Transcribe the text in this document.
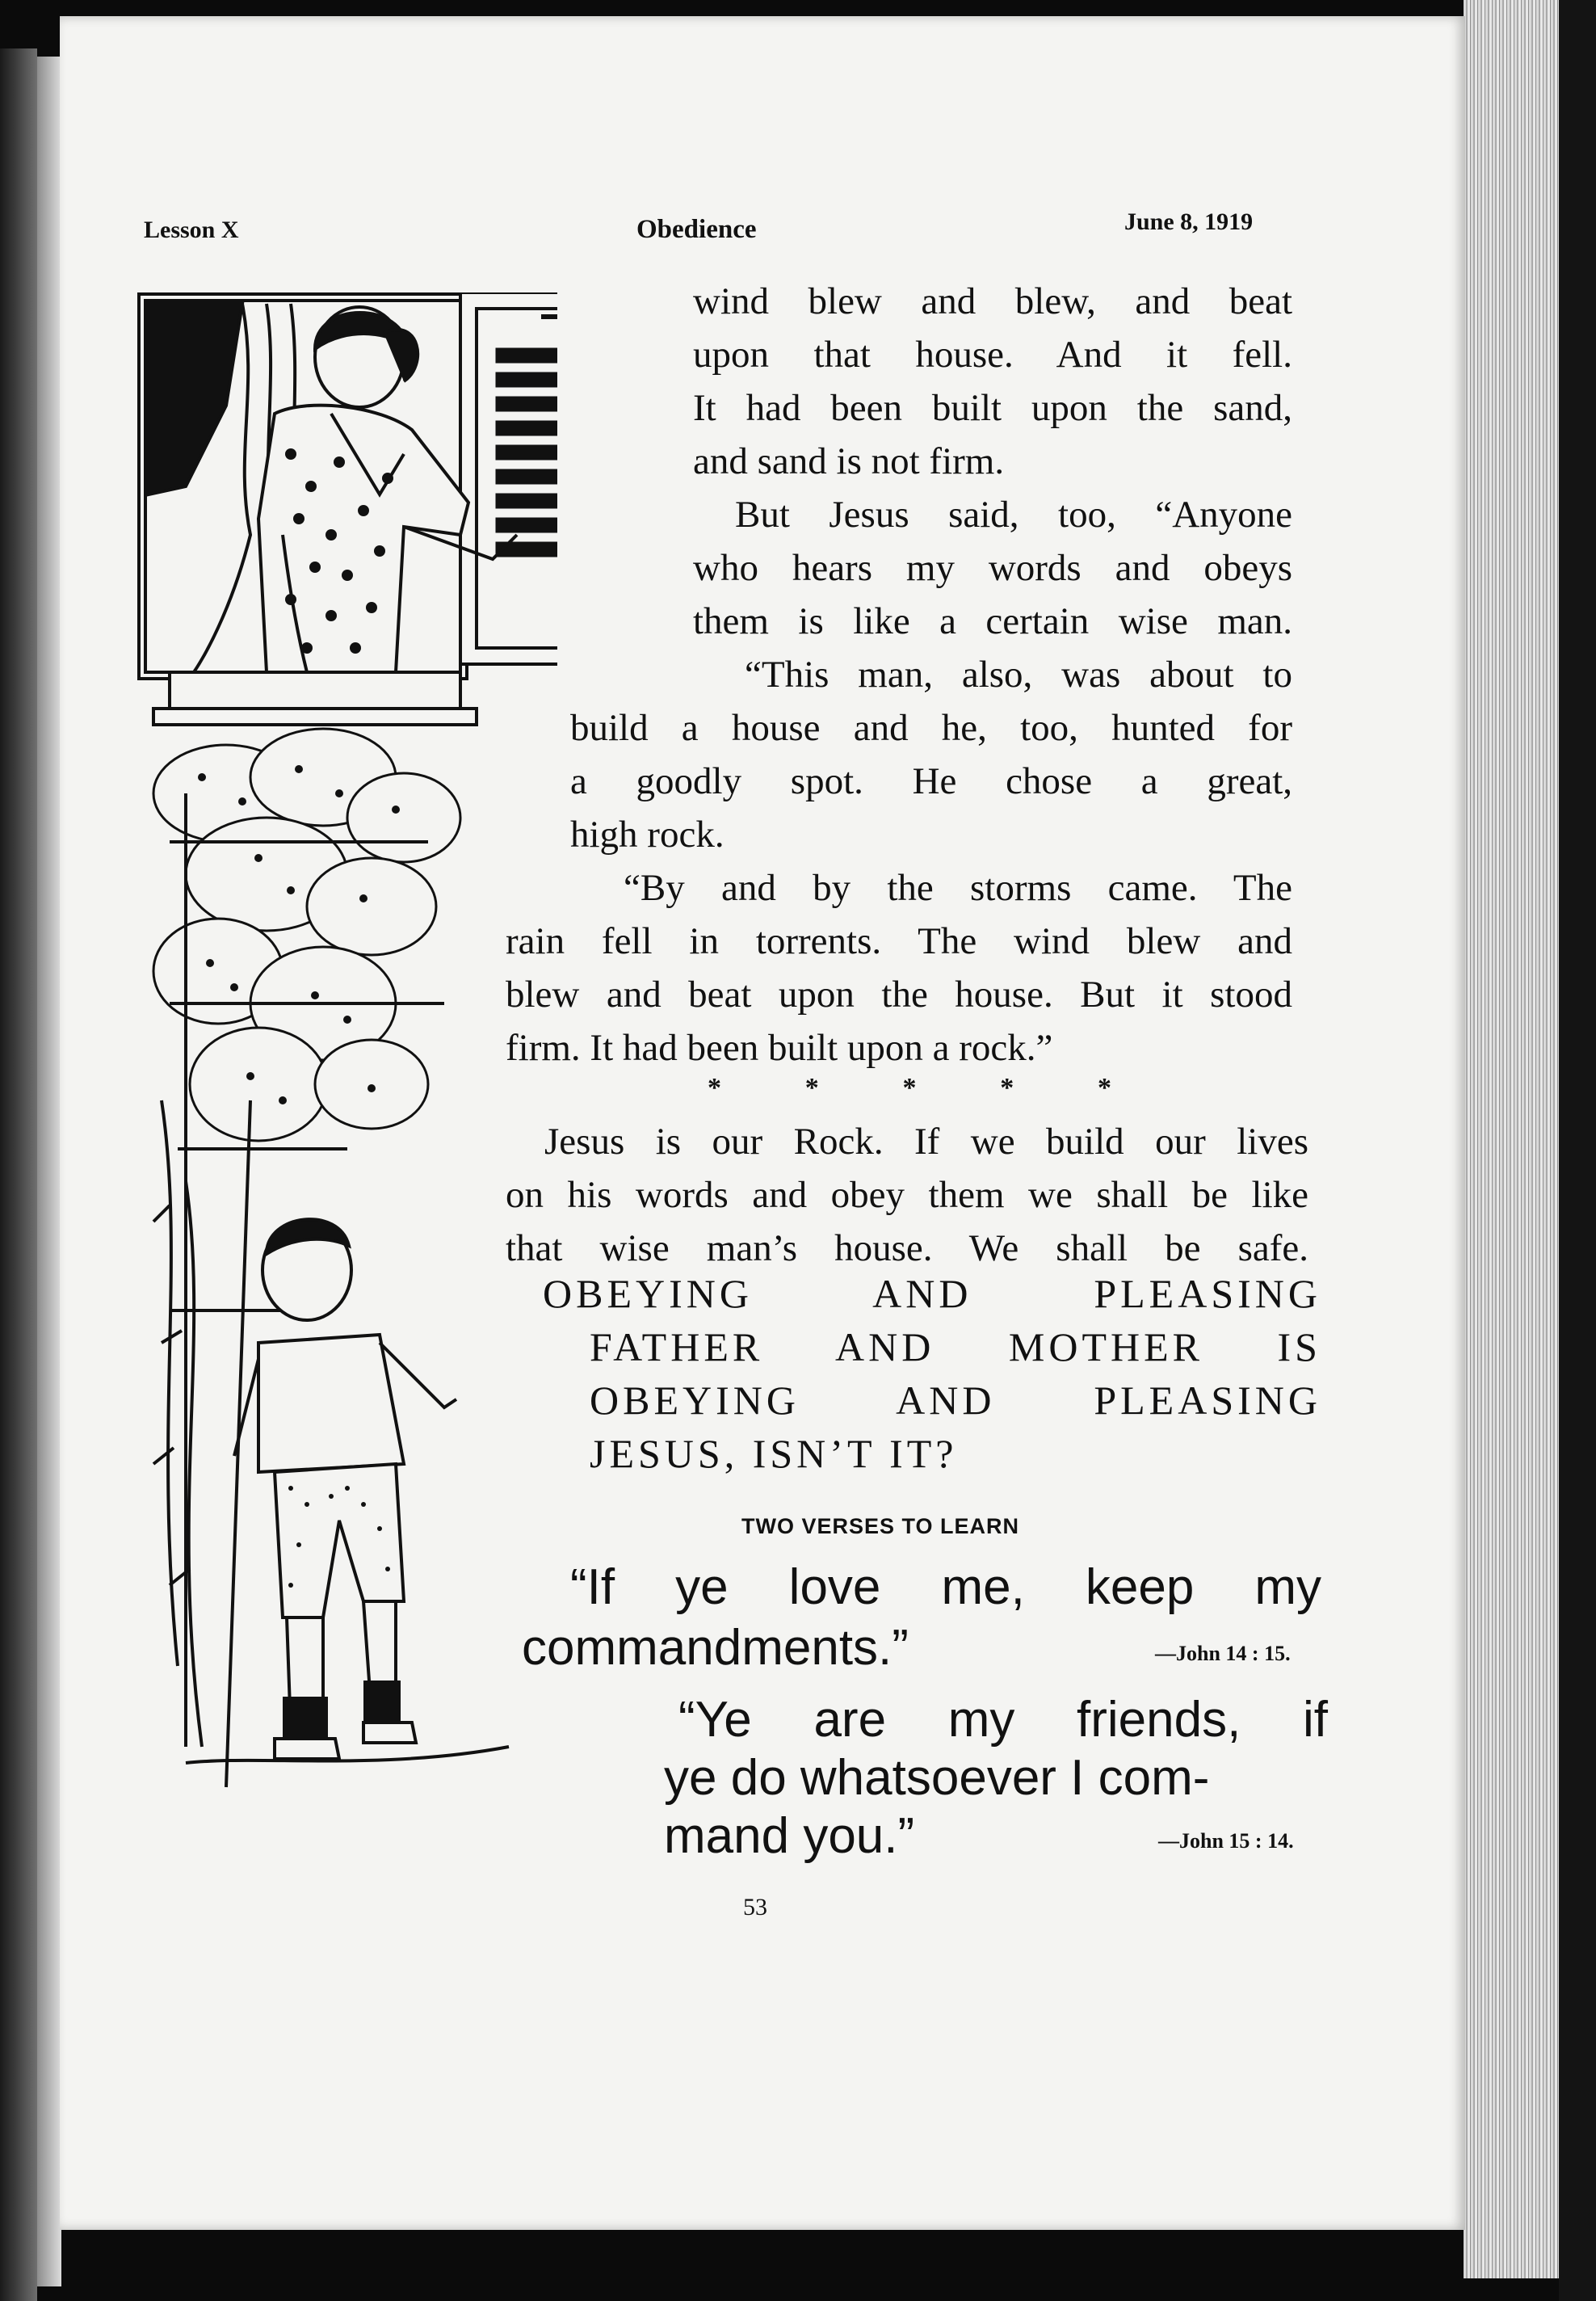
Lesson X	Obedience	June 8, 1919
wind blew and blew, and beat
upon that house. And it fell.
It had been built upon the sand,
and sand is not firm.
But Jesus said, too, “Anyone
who hears my words and obeys
them is like a certain wise man.
“This man, also, was about to
build a house and he, too, hunted for
a goodly spot. He chose a great,
high rock.
“By and by the storms came. The
rain fell in torrents. The wind blew and
blew and beat upon the house. But it stood
firm. It had been built upon a rock.”
*	*	*	*	*
Jesus is our Rock. If we build our lives
on his words and obey them we shall be like
that wise man’s house. We shall be safe.
OBEYING AND PLEASING
FATHER AND MOTHER IS
OBEYING AND PLEASING
JESUS, ISN’T IT?
TWO VERSES TO LEARN
“If ye love me, keep my
commandments.”	—John 14 : 15.
“Ye are my friends, if
ye do whatsoever I com-
mand you.”	—John 15 : 14.
53
